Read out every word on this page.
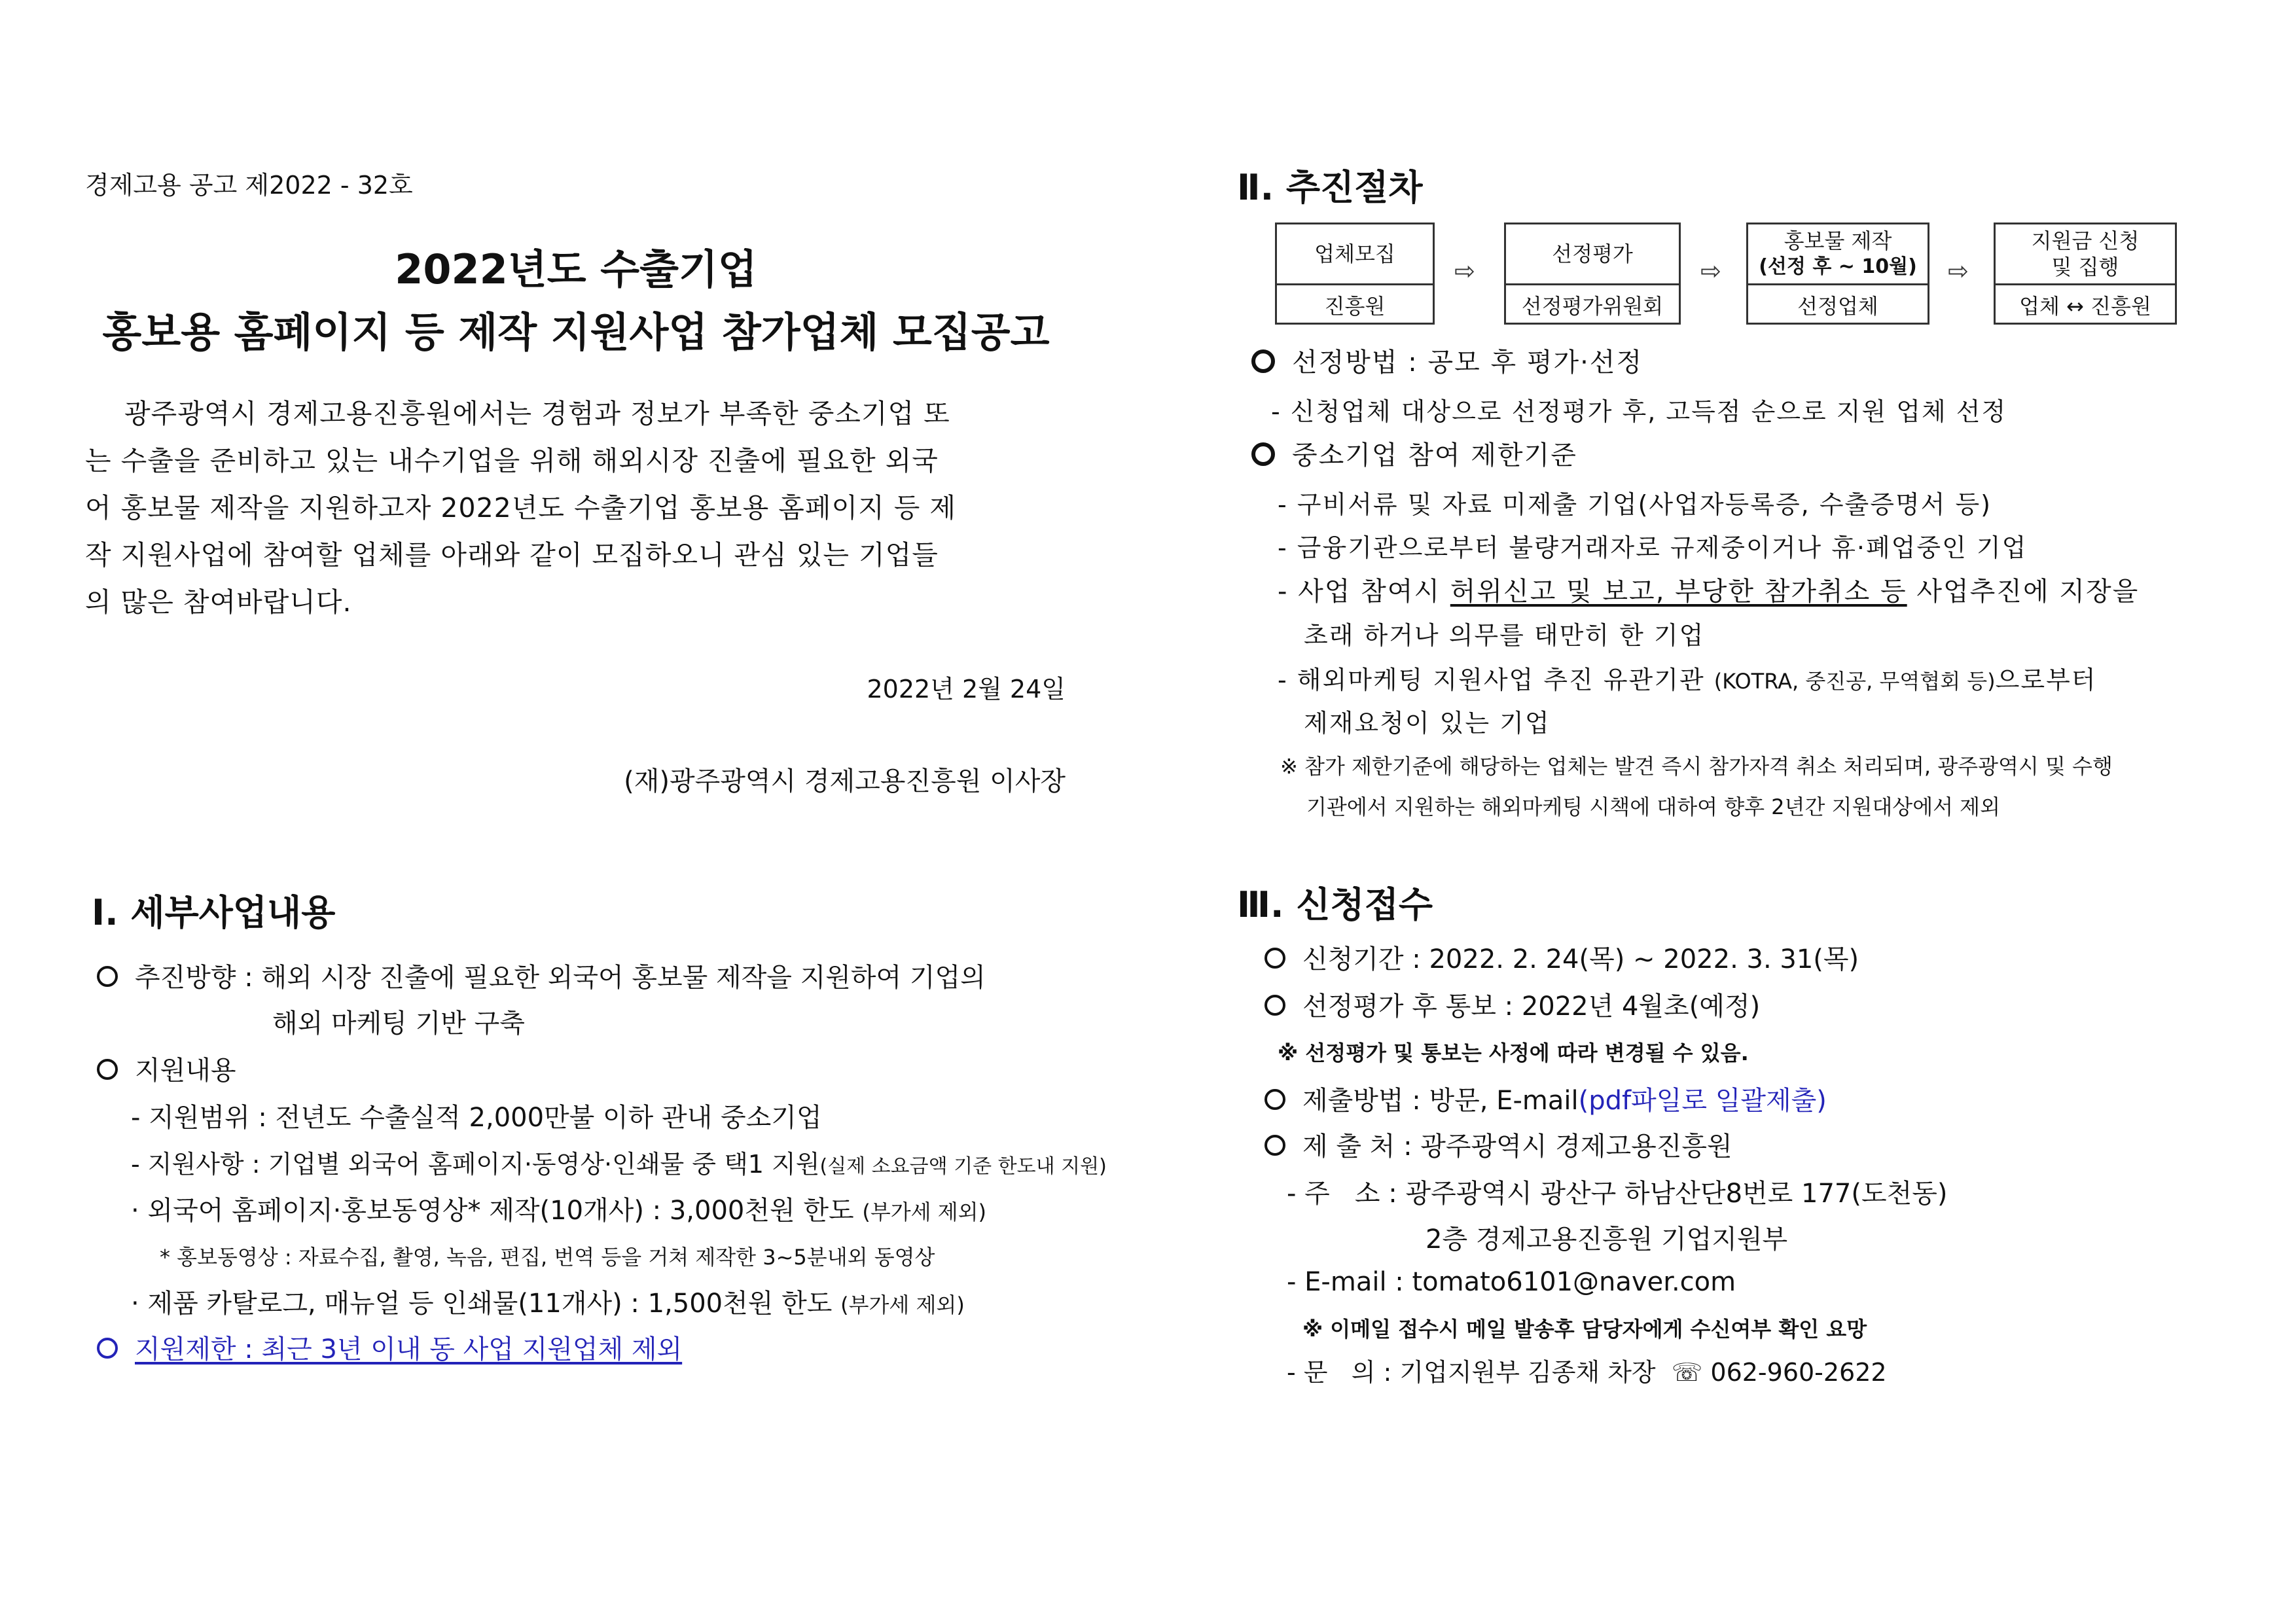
경제고용 공고 제2022 - 32호
2022년도 수출기업
홍보용 홈페이지 등 제작 지원사업 참가업체 모집공고
광주광역시 경제고용진흥원에서는 경험과 정보가 부족한 중소기업 또
는 수출을 준비하고 있는 내수기업을 위해 해외시장 진출에 필요한 외국
어 홍보물 제작을 지원하고자 2022년도 수출기업 홍보용 홈페이지 등 제
작 지원사업에 참여할 업체를 아래와 같이 모집하오니 관심 있는 기업들
의 많은 참여바랍니다.
2022년 2월 24일
(재)광주광역시 경제고용진흥원 이사장
Ⅰ. 세부사업내용
추진방향 : 해외 시장 진출에 필요한 외국어 홍보물 제작을 지원하여 기업의
해외 마케팅 기반 구축
지원내용
- 지원범위 : 전년도 수출실적 2,000만불 이하 관내 중소기업
- 지원사항 : 기업별 외국어 홈페이지·동영상·인쇄물 중 택1 지원(실제 소요금액 기준 한도내 지원)
· 외국어 홈페이지·홍보동영상* 제작(10개사) : 3,000천원 한도 (부가세 제외)
* 홍보동영상 : 자료수집, 촬영, 녹음, 편집, 번역 등을 거쳐 제작한 3~5분내외 동영상
· 제품 카탈로그, 매뉴얼 등 인쇄물(11개사) : 1,500천원 한도 (부가세 제외)
지원제한 : 최근 3년 이내 동 사업 지원업체 제외
Ⅱ. 추진절차
업체모집
진흥원
⇨
선정평가
선정평가위원회
⇨
홍보물 제작
(선정 후 ~ 10월)
선정업체
⇨
지원금 신청
및 집행
업체 ↔ 진흥원
선정방법 : 공모 후 평가·선정
- 신청업체 대상으로 선정평가 후, 고득점 순으로 지원 업체 선정
중소기업 참여 제한기준
- 구비서류 및 자료 미제출 기업(사업자등록증, 수출증명서 등)
- 금융기관으로부터 불량거래자로 규제중이거나 휴·폐업중인 기업
- 사업 참여시 허위신고 및 보고, 부당한 참가취소 등 사업추진에 지장을
초래 하거나 의무를 태만히 한 기업
- 해외마케팅 지원사업 추진 유관기관 (KOTRA, 중진공, 무역협회 등)으로부터
제재요청이 있는 기업
※ 참가 제한기준에 해당하는 업체는 발견 즉시 참가자격 취소 처리되며, 광주광역시 및 수행
기관에서 지원하는 해외마케팅 시책에 대하여 향후 2년간 지원대상에서 제외
Ⅲ. 신청접수
신청기간 : 2022. 2. 24(목) ~ 2022. 3. 31(목)
선정평가 후 통보 : 2022년 4월초(예정)
※ 선정평가 및 통보는 사정에 따라 변경될 수 있음.
제출방법 : 방문, E-mail(pdf파일로 일괄제출)
제 출 처 : 광주광역시 경제고용진흥원
- 주   소 : 광주광역시 광산구 하남산단8번로 177(도천동)
2층 경제고용진흥원 기업지원부
- E-mail : tomato6101@naver.com
※ 이메일 접수시 메일 발송후 담당자에게 수신여부 확인 요망
- 문   의 : 기업지원부 김종채 차장  ☏ 062-960-2622
